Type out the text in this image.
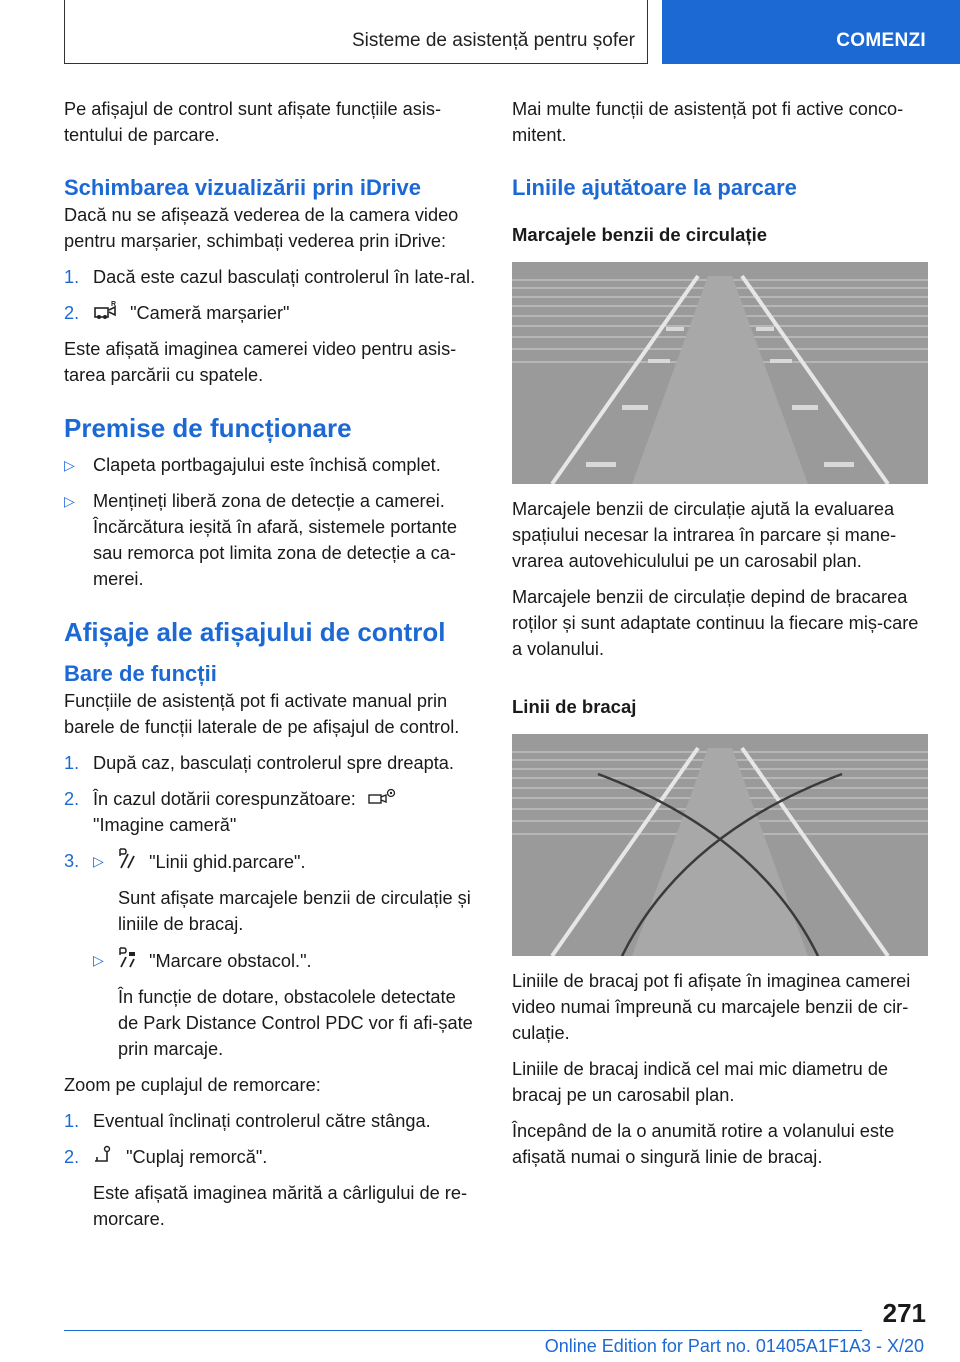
Sisteme de asistență pentru șofer	COMENZI

Pe afișajul de control sunt afișate funcțiile asis-tentului de parcare.

Schimbarea vizualizării prin iDrive

Dacă nu se afișează vederea de la camera video pentru marșarier, schimbați vederea prin iDrive:

1. Dacă este cazul basculați controlerul în late-ral.
2.	R "Cameră marșarier"

Este afișată imaginea camerei video pentru asis-tarea parcării cu spatele.

Premise de funcționare
▷ Clapeta portbagajului este închisă complet.
▷ Mențineți liberă zona de detecție a camerei. Încărcătura ieșită în afară, sistemele portante sau remorca pot limita zona de detecție a ca-merei.
Afișaje ale afișajului de control
Bare de funcții

Funcțiile de asistență pot fi activate manual prin barele de funcții laterale de pe afișajul de control.

1. După caz, basculați controlerul spre dreapta.
2. În cazul dotării corespunzătoare:
"Imagine cameră"
3. ▷ "Linii ghid.parcare".
Sunt afișate marcajele benzii de circulație și liniile de bracaj.
▷ "Marcare obstacol.".
În funcție de dotare, obstacolele detectate de Park Distance Control PDC vor fi afi-șate prin marcaje.

Zoom pe cuplajul de remorcare:

1. Eventual înclinați controlerul către stânga.
2.	"Cuplaj remorcă".
Este afișată imaginea mărită a cârligului de re-morcare.

Mai multe funcții de asistență pot fi active conco-mitent.

Liniile ajutătoare la parcare
Marcajele benzii de circulație

Marcajele benzii de circulație ajută la evaluarea spațiului necesar la intrarea în parcare și mane-vrarea autovehiculului pe un carosabil plan.

Marcajele benzii de circulație depind de bracarea roților și sunt adaptate continuu la fiecare miș-care a volanului.

Linii de bracaj

Liniile de bracaj pot fi afișate în imaginea camerei video numai împreună cu marcajele benzii de cir-culație.

Liniile de bracaj indică cel mai mic diametru de bracaj pe un carosabil plan.

Începând de la o anumită rotire a volanului este afișată numai o singură linie de bracaj.

271
Online Edition for Part no. 01405A1F1A3 - X/20
